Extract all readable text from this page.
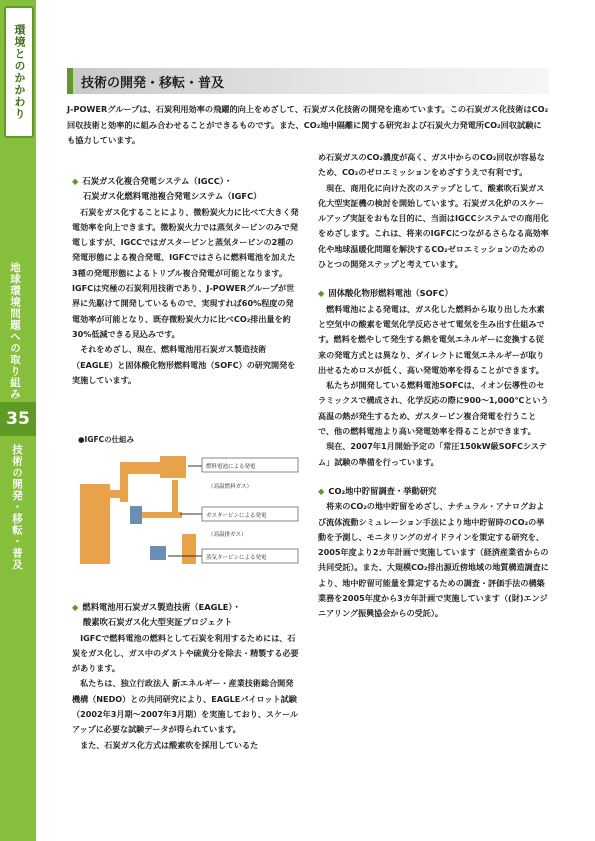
環境とのかかわり
地球環境問題への取り組み
35
技術の開発・移転・普及
技術の開発・移転・普及
J-POWERグループは、石炭利用効率の飛躍的向上をめざして、石炭ガス化技術の開発を進めています。この石炭ガス化技術はCO₂回収技術と効率的に組み合わせることができるものです。また、CO₂地中隔離に関する研究および石炭火力発電所CO₂回収試験にも協力しています。
◆ 石炭ガス化複合発電システム（IGCC）・
石炭ガス化燃料電池複合発電システム（IGFC）

石炭をガス化することにより、微粉炭火力に比べて大きく発電効率を向上できます。微粉炭火力では蒸気タービンのみで発電しますが、IGCCではガスタービンと蒸気タービンの2種の発電形態による複合発電、IGFCではさらに燃料電池を加えた3種の発電形態によるトリプル複合発電が可能となります。IGFCは究極の石炭利用技術であり、J-POWERグループが世界に先駆けて開発しているもので、実現すれば60%程度の発電効率が可能となり、既存微粉炭火力に比べCO₂排出量を約30%低減できる見込みです。

それをめざし、現在、燃料電池用石炭ガス製造技術（EAGLE）と固体酸化物形燃料電池（SOFC）の研究開発を実施しています。

●IGFCの仕組み
燃料電池による発電
（高温燃料ガス）
ガスタービンによる発電
（高温排ガス）
蒸気タービンによる発電
◆ 燃料電池用石炭ガス製造技術（EAGLE）・
酸素吹石炭ガス化大型実証プロジェクト

IGFCで燃料電池の燃料として石炭を利用するためには、石炭をガス化し、ガス中のダストや硫黄分を除去・精製する必要があります。

私たちは、独立行政法人 新エネルギー・産業技術総合開発機構（NEDO）との共同研究により、EAGLEパイロット試験（2002年3月期〜2007年3月期）を実施しており、スケールアップに必要な試験データが得られています。

また、石炭ガス化方式は酸素吹を採用しているた

め石炭ガスのCO₂濃度が高く、ガス中からのCO₂回収が容易なため、CO₂のゼロエミッションをめざすうえで有利です。

現在、商用化に向けた次のステップとして、酸素吹石炭ガス化大型実証機の検討を開始しています。石炭ガス化炉のスケールアップ実証をおもな目的に、当面はIGCCシステムでの商用化をめざします。これは、将来のIGFCにつながるさらなる高効率化や地球温暖化問題を解決するCO₂ゼロエミッションのためのひとつの開発ステップと考えています。

◆ 固体酸化物形燃料電池（SOFC）

燃料電池による発電は、ガス化した燃料から取り出した水素と空気中の酸素を電気化学反応させて電気を生み出す仕組みです。燃料を燃やして発生する熱を電気エネルギーに変換する従来の発電方式とは異なり、ダイレクトに電気エネルギーが取り出せるためロスが低く、高い発電効率を得ることができます。

私たちが開発している燃料電池SOFCは、イオン伝導性のセラミックスで構成され、化学反応の際に900〜1,000℃という高温の熱が発生するため、ガスタービン複合発電を行うことで、他の燃料電池より高い発電効率を得ることができます。

現在、2007年1月開始予定の「常圧150kW級SOFCシステム」試験の準備を行っています。

◆ CO₂地中貯留調査・挙動研究

将来のCO₂の地中貯留をめざし、ナチュラル・アナログおよび流体流動シミュレーション手法により地中貯留時のCO₂の挙動を予測し、モニタリングのガイドラインを策定する研究を、2005年度より2カ年計画で実施しています（経済産業省からの共同受託）。また、大規模CO₂排出源近傍地域の地質構造調査により、地中貯留可能量を算定するための調査・評価手法の構築業務を2005年度から3カ年計画で実施しています（(財)エンジニアリング振興協会からの受託）。
